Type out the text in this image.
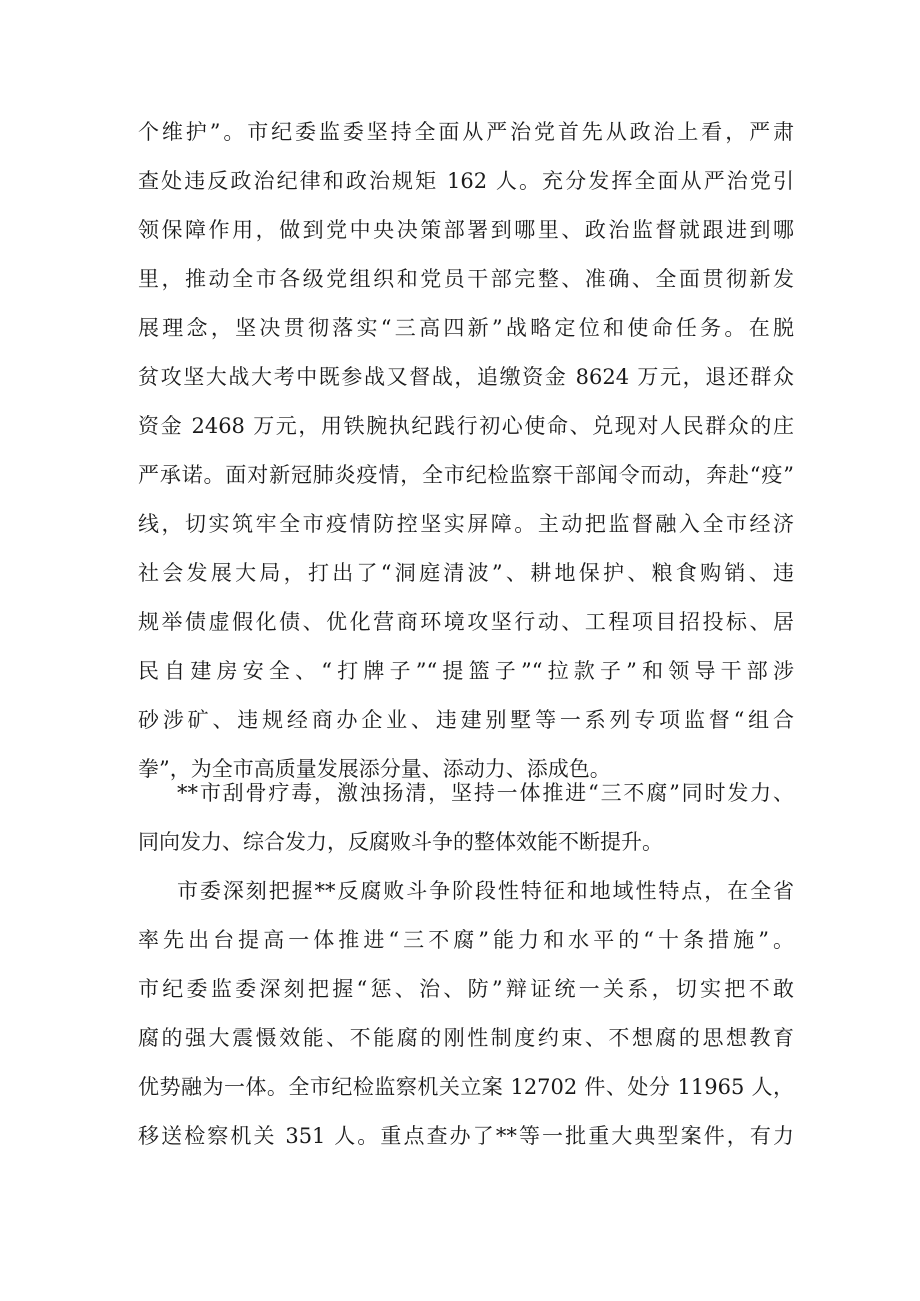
个维护”。市纪委监委坚持全面从严治党首先从政治上看，严肃
查处违反政治纪律和政治规矩 162 人。充分发挥全面从严治党引
领保障作用，做到党中央决策部署到哪里、政治监督就跟进到哪
里，推动全市各级党组织和党员干部完整、准确、全面贯彻新发
展理念，坚决贯彻落实“三高四新”战略定位和使命任务。在脱
贫攻坚大战大考中既参战又督战，追缴资金 8624 万元，退还群众
资金 2468 万元，用铁腕执纪践行初心使命、兑现对人民群众的庄
严承诺。面对新冠肺炎疫情，全市纪检监察干部闻令而动，奔赴“疫”
线，切实筑牢全市疫情防控坚实屏障。主动把监督融入全市经济
社会发展大局，打出了“洞庭清波”、耕地保护、粮食购销、违
规举债虚假化债、优化营商环境攻坚行动、工程项目招投标、居
民自建房安全、“打牌子”“提篮子”“拉款子”和领导干部涉
砂涉矿、违规经商办企业、违建别墅等一系列专项监督“组合
拳”，为全市高质量发展添分量、添动力、添成色。
**市刮骨疗毒，激浊扬清，坚持一体推进“三不腐”同时发力、
同向发力、综合发力，反腐败斗争的整体效能不断提升。
市委深刻把握**反腐败斗争阶段性特征和地域性特点，在全省
率先出台提高一体推进“三不腐”能力和水平的“十条措施”。
市纪委监委深刻把握“惩、治、防”辩证统一关系，切实把不敢
腐的强大震慑效能、不能腐的刚性制度约束、不想腐的思想教育
优势融为一体。全市纪检监察机关立案 12702 件、处分 11965 人，
移送检察机关 351 人。重点查办了**等一批重大典型案件，有力
